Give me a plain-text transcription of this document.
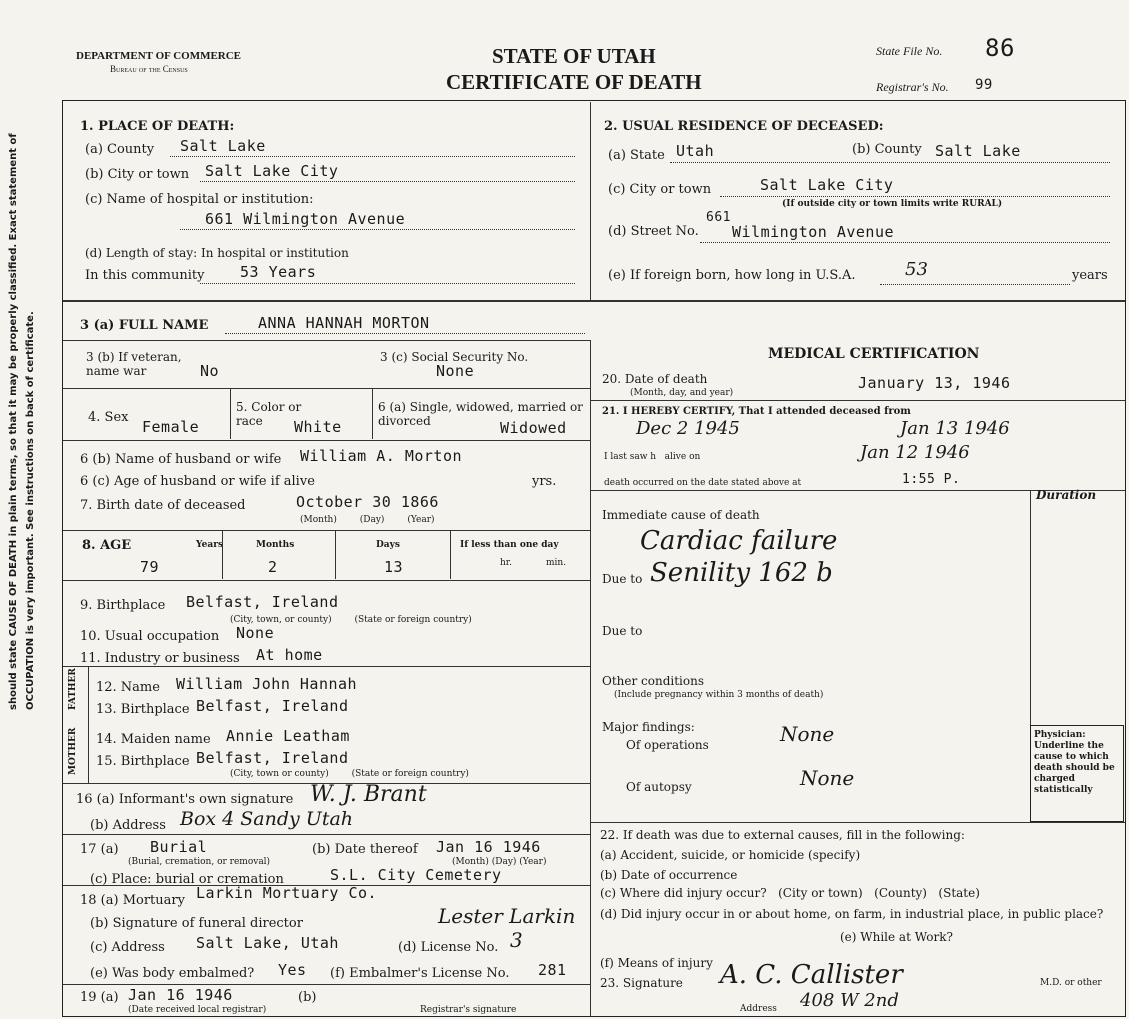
should state CAUSE OF DEATH in plain terms, so that it may be properly classified. Exact statement of OCCUPATION is very important. See instructions on back of certificate.
DEPARTMENT OF COMMERCE
Bureau of the Census
STATE OF UTAH
CERTIFICATE OF DEATH
State File No. 86
Registrar's No. 99
1. PLACE OF DEATH:
(a) County Salt Lake
(b) City or town Salt Lake City
(c) Name of hospital or institution:
661 Wilmington Avenue
(d) Length of stay: In hospital or institution
In this community 53 Years
2. USUAL RESIDENCE OF DECEASED:
(a) State Utah	(b) County Salt Lake
(c) City or town	Salt Lake City
(If outside city or town limits write RURAL)
(d) Street No.
661
Wilmington Avenue
(e) If foreign born, how long in U.S.A.	53	years
3 (a) FULL NAME	ANNA HANNAH MORTON
3 (b) If veteran, name war	No
3 (c) Social Security No.
None
4. Sex
Female
5. Color or race	White
6 (a) Single, widowed, married or divorced	Widowed
6 (b) Name of husband or wife William A. Morton
6 (c) Age of husband or wife if alive	yrs.
7. Birth date of deceased	October 30 1866
(Month)        (Day)        (Year)
8. AGE	Years	Months	Days	If less than one day
79	2	13	hr.	min.
9. Birthplace Belfast, Ireland
(City, town, or county)        (State or foreign country)
10. Usual occupation None
11. Industry or business At home
FATHER
MOTHER
12. Name William John Hannah
13. Birthplace Belfast, Ireland
14. Maiden name Annie Leatham
15. Birthplace Belfast, Ireland
(City, town or county)        (State or foreign country)
16 (a) Informant's own signature W. J. Brant
(b) Address Box 4 Sandy Utah
17 (a) Burial
(Burial, cremation, or removal)
(b) Date thereof Jan 16 1946
(Month) (Day) (Year)
(c) Place: burial or cremation	S.L. City Cemetery
18 (a) Mortuary Larkin Mortuary Co.
(b) Signature of funeral director	Lester Larkin
(c) Address Salt Lake, Utah	(d) License No. 3
(e) Was body embalmed? Yes (f) Embalmer's License No. 281
19 (a) Jan 16 1946
(Date received local registrar)
(b)
Registrar's signature
MEDICAL CERTIFICATION
20. Date of death
(Month, day, and year)
January 13, 1946
21. I HEREBY CERTIFY, That I attended deceased from
Dec 2 1945	Jan 13 1946
I last saw h   alive on	Jan 12 1946
death occurred on the date stated above at	1:55 P.
Duration
Immediate cause of death
Cardiac failure
Due to Senility 162 b
Due to
Other conditions
(Include pregnancy within 3 months of death)
Major findings:
Of operations	None
Of autopsy	None
Physician: Underline the cause to which death should be charged statistically
22. If death was due to external causes, fill in the following:
(a) Accident, suicide, or homicide (specify)
(b) Date of occurrence
(c) Where did injury occur?   (City or town)   (County)   (State)
(d) Did injury occur in or about home, on farm, in industrial place, in public place?
(e) While at Work?
(f) Means of injury
23. Signature A. C. Callister	M.D. or other
Address 408 W 2nd
